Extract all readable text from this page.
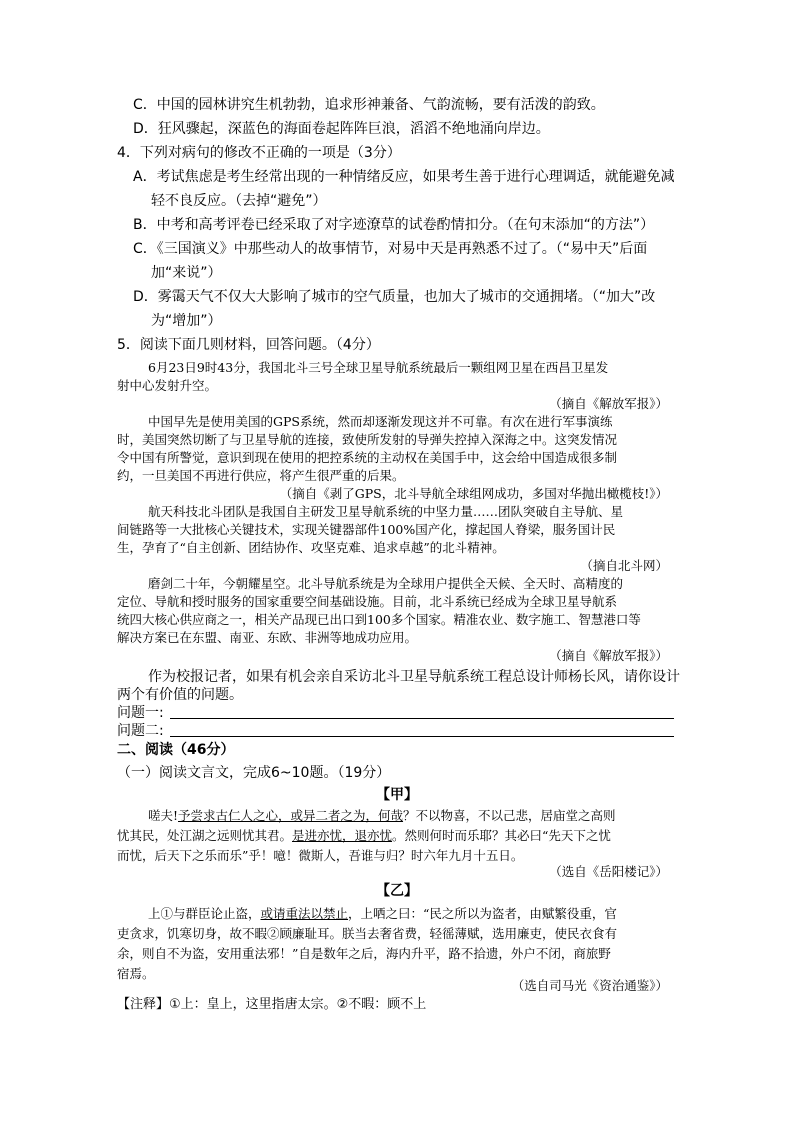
C．中国的园林讲究生机勃勃，追求形神兼备、气韵流畅，要有活泼的韵致。
D．狂风骤起，深蓝色的海面卷起阵阵巨浪，滔滔不绝地涌向岸边。
4．下列对病句的修改不正确的一项是（3分）
A．考试焦虑是考生经常出现的一种情绪反应，如果考生善于进行心理调适，就能避免减
轻不良反应。（去掉“避免”）
B．中考和高考评卷已经采取了对字迹潦草的试卷酌情扣分。（在句末添加“的方法”）
C．《三国演义》中那些动人的故事情节，对易中天是再熟悉不过了。（“易中天”后面
加“来说”）
D．雾霭天气不仅大大影响了城市的空气质量，也加大了城市的交通拥堵。（“加大”改
为“增加”）
5．阅读下面几则材料，回答问题。（4分）
6月23日9时43分，我国北斗三号全球卫星导航系统最后一颗组网卫星在西昌卫星发
射中心发射升空。
（摘自《解放军报》）
中国早先是使用美国的GPS系统，然而却逐渐发现这并不可靠。有次在进行军事演练
时，美国突然切断了与卫星导航的连接，致使所发射的导弹失控掉入深海之中。这突发情况
令中国有所警觉，意识到现在使用的把控系统的主动权在美国手中，这会给中国造成很多制
约，一旦美国不再进行供应，将产生很严重的后果。
（摘自《剥了GPS，北斗导航全球组网成功，多国对华抛出橄榄枝!》）
航天科技北斗团队是我国自主研发卫星导航系统的中坚力量……团队突破自主导航、星
间链路等一大批核心关键技术，实现关键器部件100%国产化，撑起国人脊梁，服务国计民
生，孕育了“自主创新、团结协作、攻坚克难、追求卓越”的北斗精神。
（摘自北斗网）
磨剑二十年，今朝耀星空。北斗导航系统是为全球用户提供全天候、全天时、高精度的
定位、导航和授时服务的国家重要空间基础设施。目前，北斗系统已经成为全球卫星导航系
统四大核心供应商之一，相关产品现已出口到100多个国家。精准农业、数字施工、智慧港口等
解决方案已在东盟、南亚、东欧、非洲等地成功应用。
（摘自《解放军报》）
作为校报记者，如果有机会亲自采访北斗卫星导航系统工程总设计师杨长风，请你设计
两个有价值的问题。
问题一:
问题二:
二、阅读（46分）
（一）阅读文言文，完成6~10题。（19分）
【甲】
嗟夫!予尝求古仁人之心，或异二者之为，何哉？不以物喜，不以己悲，居庙堂之高则
忧其民，处江湖之远则忧其君。是进亦忧，退亦忧。然则何时而乐耶？其必曰“先天下之忧
而忧，后天下之乐而乐”乎！噫！微斯人，吾谁与归？时六年九月十五日。
（选自《岳阳楼记》）
【乙】
上①与群臣论止盗，或请重法以禁止，上哂之曰：“民之所以为盗者，由赋繁役重，官
吏贪求，饥寒切身，故不暇②顾廉耻耳。朕当去奢省费，轻徭薄赋，选用廉吏，使民衣食有
余，则自不为盗，安用重法邪！”自是数年之后，海内升平，路不拾遗，外户不闭，商旅野
宿焉。
（选自司马光《资治通鉴》）
【注释】①上：皇上，这里指唐太宗。②不暇：顾不上
